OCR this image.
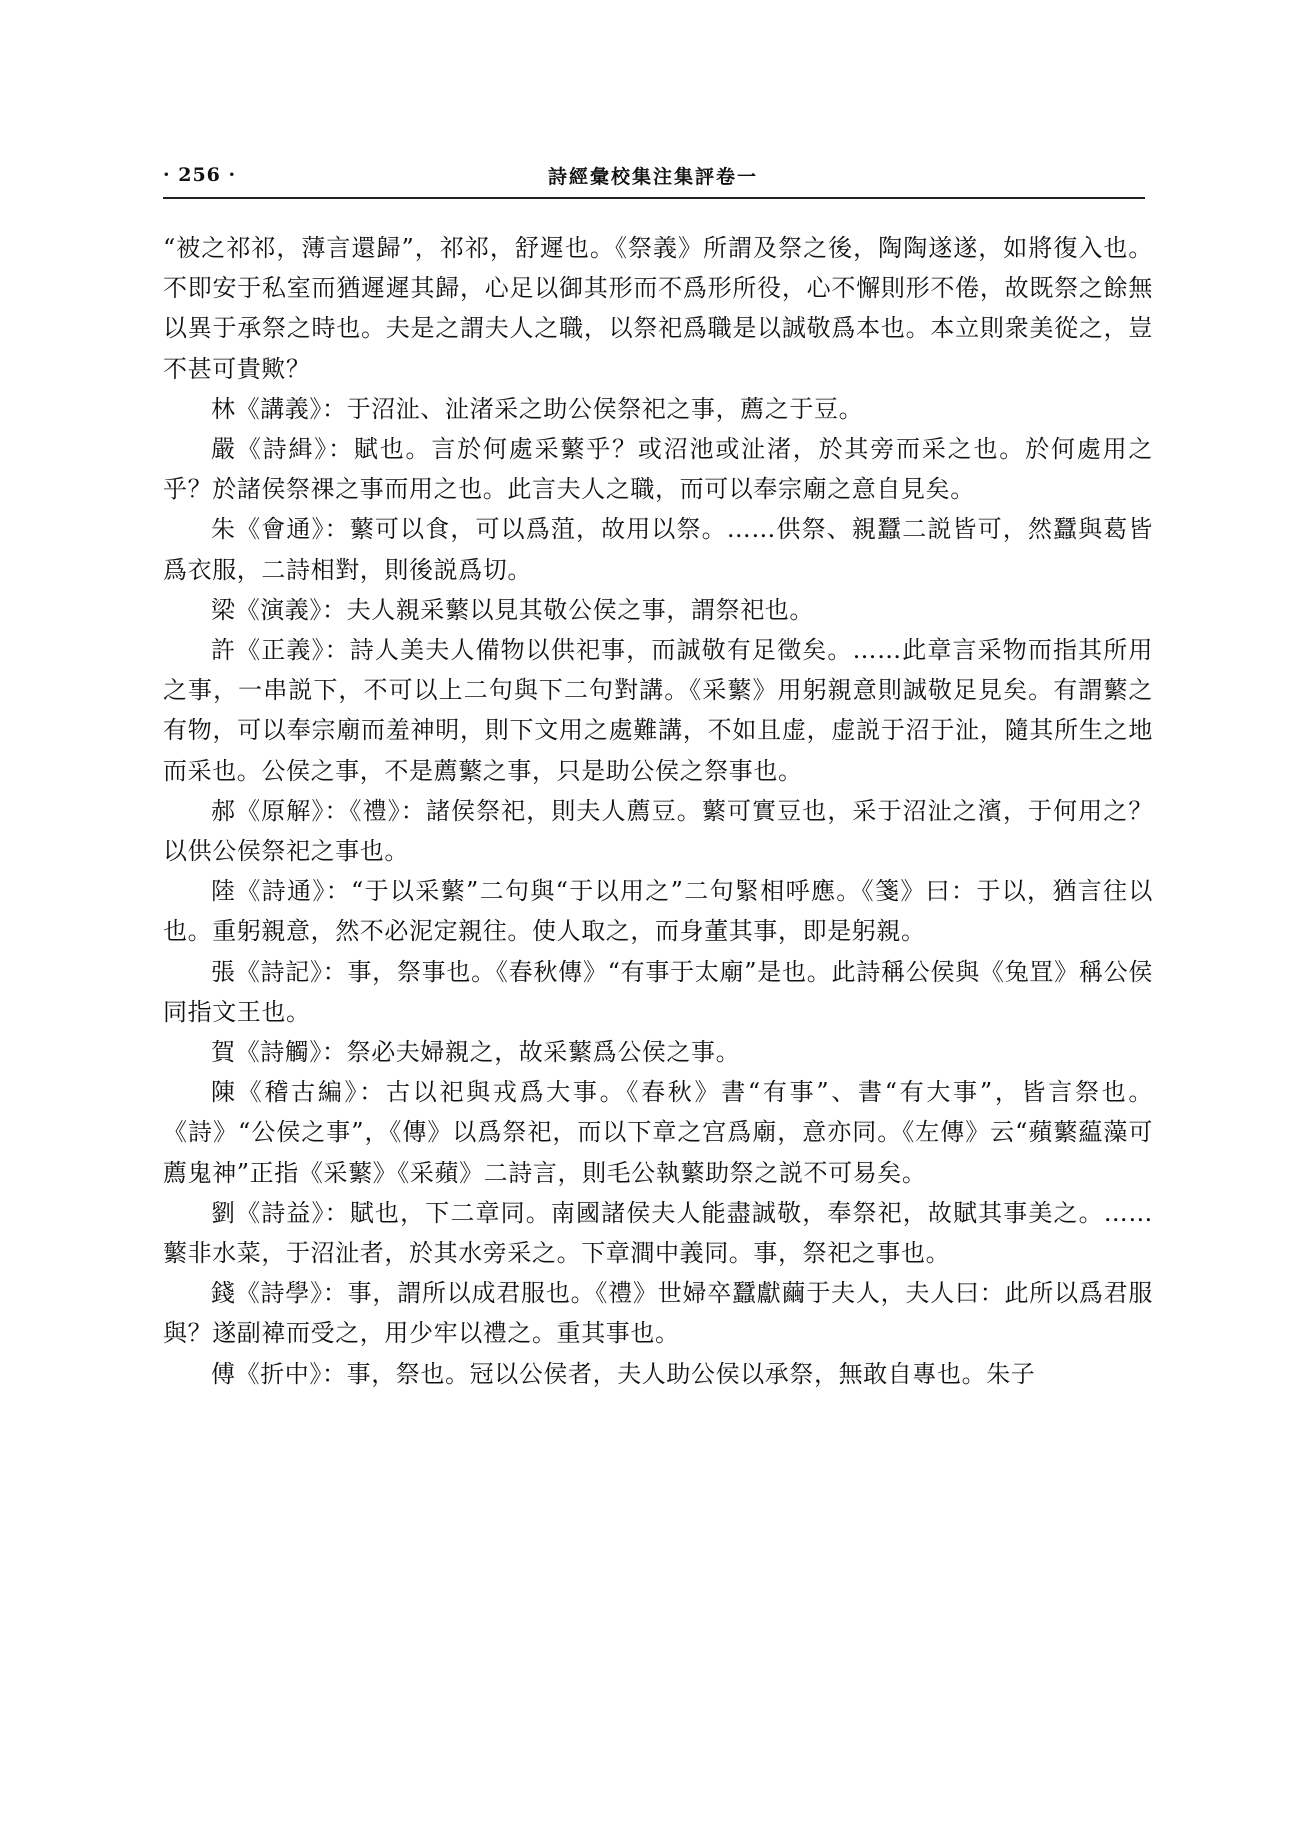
· 256 ·	詩經彙校集注集評卷一

“被之祁祁，薄言還歸”，祁祁，舒遲也。《祭義》所謂及祭之後，陶陶遂遂，如將復入也。不即安于私室而猶遲遲其歸，心足以御其形而不爲形所役，心不懈則形不倦，故既祭之餘無以異于承祭之時也。夫是之謂夫人之職，以祭祀爲職是以誠敬爲本也。本立則衆美從之，豈不甚可貴歟？

林《講義》：于沼沚、沚渚采之助公侯祭祀之事，薦之于豆。

嚴《詩緝》：賦也。言於何處采蘩乎？或沼池或沚渚，於其旁而采之也。於何處用之乎？於諸侯祭祼之事而用之也。此言夫人之職，而可以奉宗廟之意自見矣。

朱《會通》：蘩可以食，可以爲菹，故用以祭。……供祭、親蠶二説皆可，然蠶與葛皆爲衣服，二詩相對，則後説爲切。

梁《演義》：夫人親采蘩以見其敬公侯之事，謂祭祀也。

許《正義》：詩人美夫人備物以供祀事，而誠敬有足徵矣。……此章言采物而指其所用之事，一串説下，不可以上二句與下二句對講。《采蘩》用躬親意則誠敬足見矣。有謂蘩之有物，可以奉宗廟而羞神明，則下文用之處難講，不如且虚，虚説于沼于沚，隨其所生之地而采也。公侯之事，不是薦蘩之事，只是助公侯之祭事也。

郝《原解》：《禮》：諸侯祭祀，則夫人薦豆。蘩可實豆也，采于沼沚之濱，于何用之？以供公侯祭祀之事也。

陸《詩通》：“于以采蘩”二句與“于以用之”二句緊相呼應。《箋》曰：于以，猶言往以也。重躬親意，然不必泥定親往。使人取之，而身董其事，即是躬親。

張《詩記》：事，祭事也。《春秋傳》“有事于太廟”是也。此詩稱公侯與《兔罝》稱公侯同指文王也。

賀《詩觸》：祭必夫婦親之，故采蘩爲公侯之事。

陳《稽古編》：古以祀與戎爲大事。《春秋》書“有事”、書“有大事”，皆言祭也。《詩》“公侯之事”，《傳》以爲祭祀，而以下章之宫爲廟，意亦同。《左傳》云“蘋蘩藴藻可薦鬼神”正指《采蘩》《采蘋》二詩言，則毛公執蘩助祭之説不可易矣。

劉《詩益》：賦也，下二章同。南國諸侯夫人能盡誠敬，奉祭祀，故賦其事美之。……蘩非水菜，于沼沚者，於其水旁采之。下章澗中義同。事，祭祀之事也。

錢《詩學》：事，謂所以成君服也。《禮》世婦卒蠶獻繭于夫人，夫人曰：此所以爲君服與？遂副褘而受之，用少牢以禮之。重其事也。

傅《折中》：事，祭也。冠以公侯者，夫人助公侯以承祭，無敢自專也。朱子
